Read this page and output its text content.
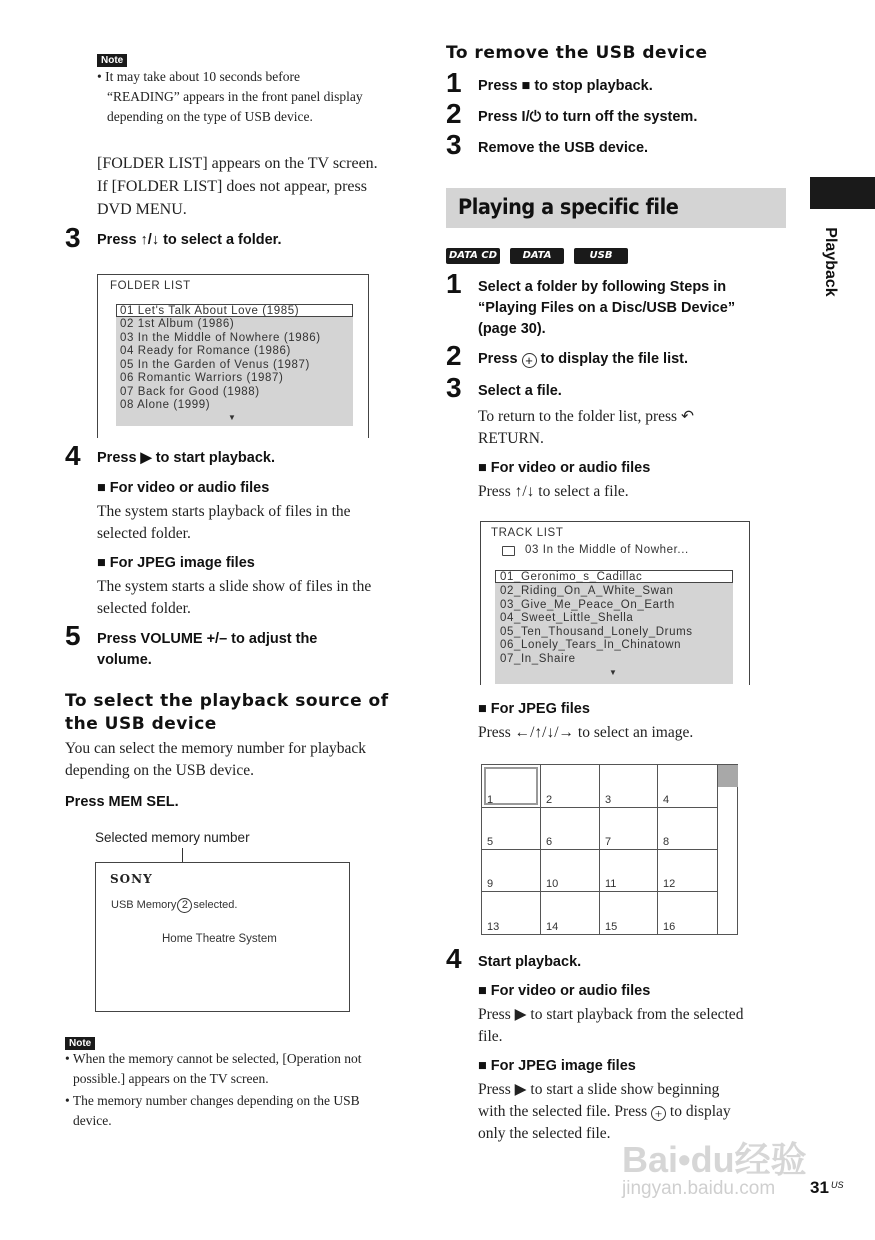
Note
• It may take about 10 seconds before
“READING” appears in the front panel display
depending on the type of USB device.
[FOLDER LIST] appears on the TV screen.
If [FOLDER LIST] does not appear, press
DVD MENU.
3 Press ↑/↓ to select a folder.
FOLDER LIST
01 Let's Talk About Love (1985)
02 1st Album (1986)
03 In the Middle of Nowhere (1986)
04 Ready for Romance (1986)
05 In the Garden of Venus (1987)
06 Romantic Warriors (1987)
07 Back for Good (1988)
08 Alone (1999)
▼
4 Press ▶ to start playback.
■ For video or audio files
The system starts playback of files in the
selected folder.
■ For JPEG image files
The system starts a slide show of files in the
selected folder.
5 Press VOLUME +/– to adjust the
volume.
To select the playback source of
the USB device
You can select the memory number for playback
depending on the USB device.
Press MEM SEL.
Selected memory number
SONY
USB Memory 2 selected.
Home Theatre System
Note
• When the memory cannot be selected, [Operation not
possible.] appears on the TV screen.
• The memory number changes depending on the USB
device.
To remove the USB device
1 Press ■ to stop playback.
2 Press I/⏻ to turn off the system.
3 Remove the USB device.
Playing a specific file
DATA CD	DATA DVD
USB
1 Select a folder by following Steps in
“Playing Files on a Disc/USB Device”
(page 30).
2 Press + to display the file list.
3 Select a file.
To return to the folder list, press ↶
RETURN.
■ For video or audio files
Press ↑/↓ to select a file.
TRACK LIST
03 In the Middle of Nowher...
01_Geronimo_s_Cadillac
02_Riding_On_A_White_Swan
03_Give_Me_Peace_On_Earth
04_Sweet_Little_Shella
05_Ten_Thousand_Lonely_Drums
06_Lonely_Tears_In_Chinatown
07_In_Shaire
▼
■ For JPEG files
Press ←/↑/↓/→ to select an image.
1	2	3	4
5	6	7	8
9	10	11	12
13	14	15	16
4 Start playback.
■ For video or audio files
Press ▶ to start playback from the selected
file.
■ For JPEG image files
Press ▶ to start a slide show beginning
with the selected file. Press + to display
only the selected file.
Playback
Bai•du经验
jingyan.baidu.com 31 US
